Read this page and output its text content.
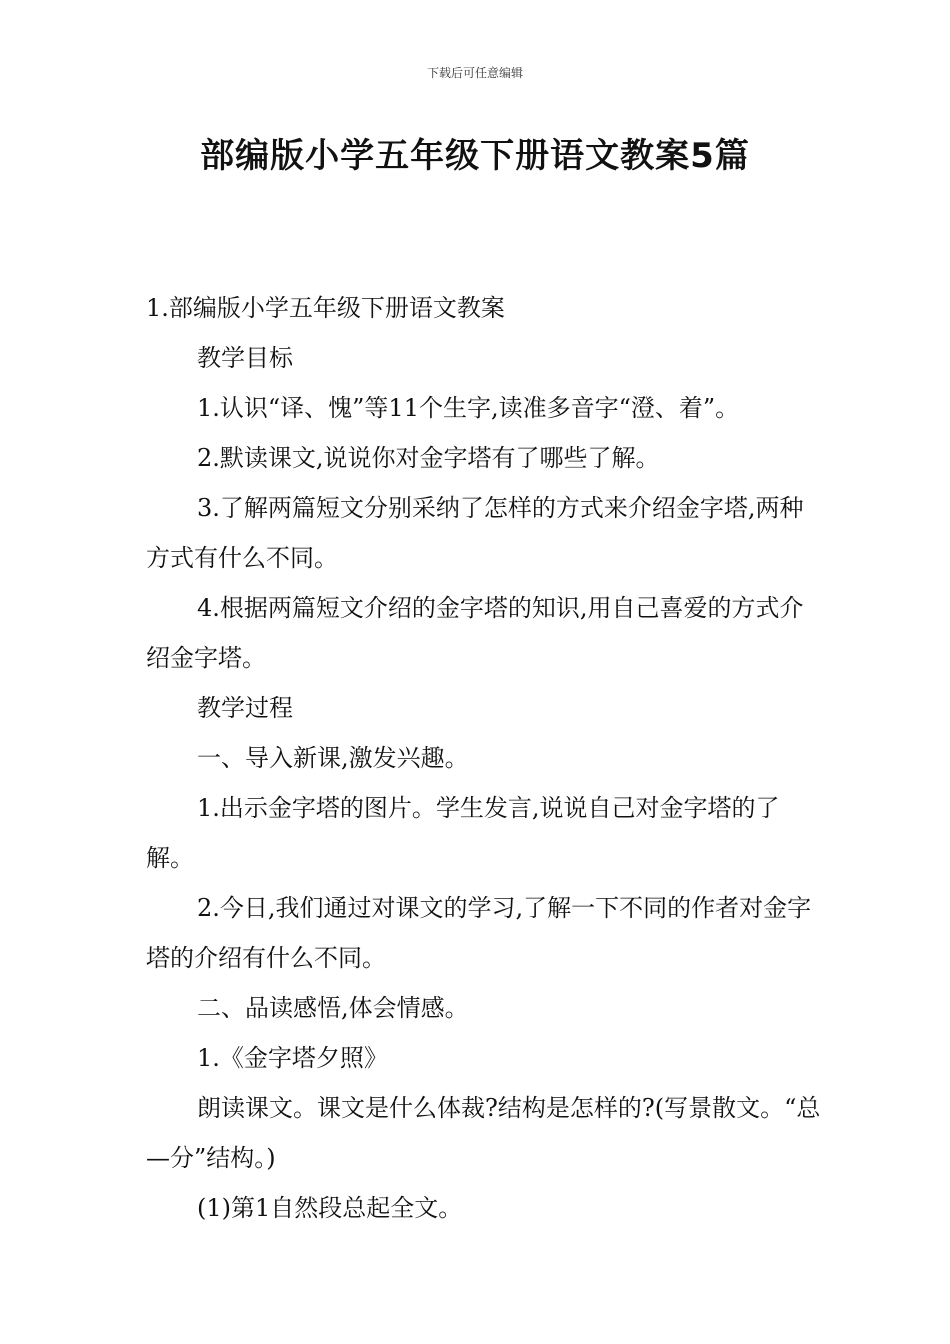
下载后可任意编辑
部编版小学五年级下册语文教案5篇

1.部编版小学五年级下册语文教案

教学目标

1.认识“译、愧”等11个生字,读准多音字“澄、着”。

2.默读课文,说说你对金字塔有了哪些了解。

3.了解两篇短文分别采纳了怎样的方式来介绍金字塔,两种方式有什么不同。

4.根据两篇短文介绍的金字塔的知识,用自己喜爱的方式介绍金字塔。

教学过程

一、导入新课,激发兴趣。

1.出示金字塔的图片。学生发言,说说自己对金字塔的了解。

2.今日,我们通过对课文的学习,了解一下不同的作者对金字塔的介绍有什么不同。

二、品读感悟,体会情感。

1.《金字塔夕照》

朗读课文。课文是什么体裁?结构是怎样的?(写景散文。“总—分”结构。)

(1)第1自然段总起全文。
